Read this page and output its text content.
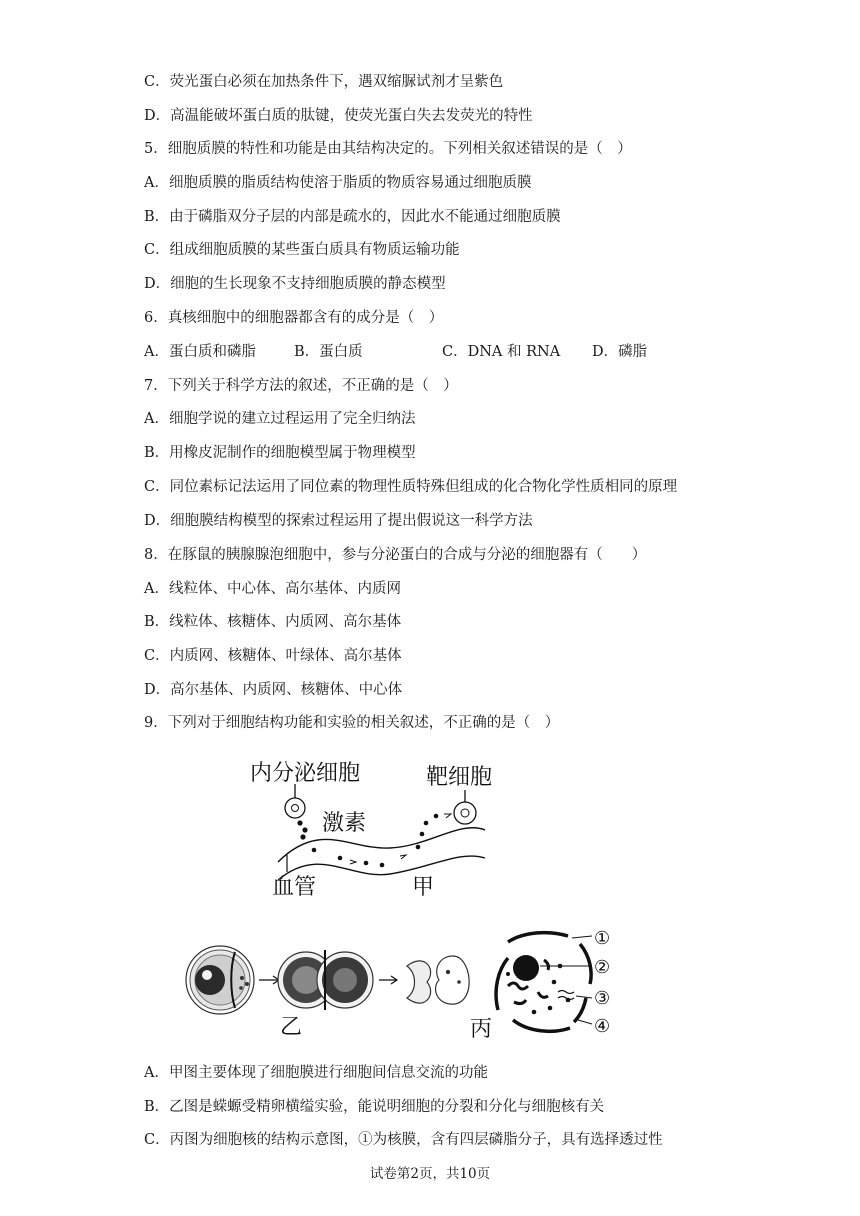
C．荧光蛋白必须在加热条件下，遇双缩脲试剂才呈紫色
D．高温能破坏蛋白质的肽键，使荧光蛋白失去发荧光的特性
5．细胞质膜的特性和功能是由其结构决定的。下列相关叙述错误的是（　）
A．细胞质膜的脂质结构使溶于脂质的物质容易通过细胞质膜
B．由于磷脂双分子层的内部是疏水的，因此水不能通过细胞质膜
C．组成细胞质膜的某些蛋白质具有物质运输功能
D．细胞的生长现象不支持细胞质膜的静态模型
6．真核细胞中的细胞器都含有的成分是（　）
A．蛋白质和磷脂	B．蛋白质	C．DNA 和 RNA D．磷脂
7．下列关于科学方法的叙述，不正确的是（　）
A．细胞学说的建立过程运用了完全归纳法
B．用橡皮泥制作的细胞模型属于物理模型
C．同位素标记法运用了同位素的物理性质特殊但组成的化合物化学性质相同的原理
D．细胞膜结构模型的探索过程运用了提出假说这一科学方法
8．在豚鼠的胰腺腺泡细胞中，参与分泌蛋白的合成与分泌的细胞器有（　　）
A．线粒体、中心体、高尔基体、内质网
B．线粒体、核糖体、内质网、高尔基体
C．内质网、核糖体、叶绿体、高尔基体
D．高尔基体、内质网、核糖体、中心体
9．下列对于细胞结构功能和实验的相关叙述，不正确的是（　）
内分泌细胞	靶细胞
激素
血管	甲
乙
①
②
③
④
丙
A．甲图主要体现了细胞膜进行细胞间信息交流的功能
B．乙图是蝾螈受精卵横缢实验，能说明细胞的分裂和分化与细胞核有关
C．丙图为细胞核的结构示意图，①为核膜，含有四层磷脂分子，具有选择透过性
试卷第2页，共10页
